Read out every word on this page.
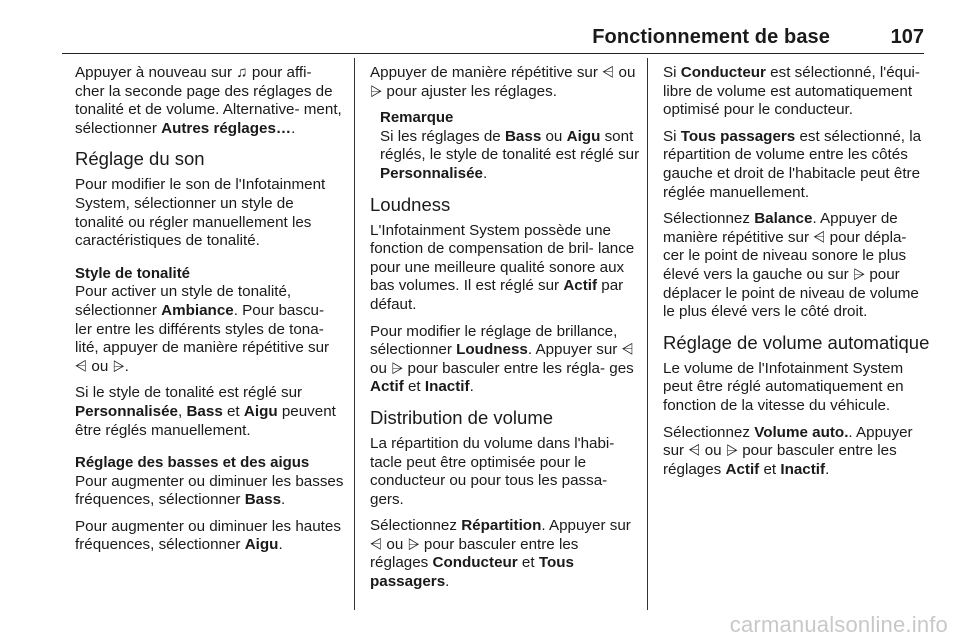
Fonctionnement de base	107

Appuyer à nouveau sur ♫ pour affi‐ cher la seconde page des réglages de tonalité et de volume. Alternative‐ ment, sélectionner Autres réglages….

Réglage du son

Pour modifier le son de l'Infotainment System, sélectionner un style de tonalité ou régler manuellement les caractéristiques de tonalité.

Style de tonalité

Pour activer un style de tonalité, sélectionner Ambiance. Pour bascu‐ ler entre les différents styles de tona‐ lité, appuyer de manière répétitive sur ⩤ ou ⩥.

Si le style de tonalité est réglé sur Personnalisée, Bass et Aigu peuvent être réglés manuellement.

Réglage des basses et des aigus

Pour augmenter ou diminuer les basses fréquences, sélectionner Bass.

Pour augmenter ou diminuer les hautes fréquences, sélectionner Aigu.

Appuyer de manière répétitive sur ⩤ ou ⩥ pour ajuster les réglages.

Remarque

Si les réglages de Bass ou Aigu sont réglés, le style de tonalité est réglé sur Personnalisée.

Loudness

L'Infotainment System possède une fonction de compensation de bril‐ lance pour une meilleure qualité sonore aux bas volumes. Il est réglé sur Actif par défaut.

Pour modifier le réglage de brillance, sélectionner Loudness. Appuyer sur ⩤ ou ⩥ pour basculer entre les régla‐ ges Actif et Inactif.

Distribution de volume

La répartition du volume dans l'habi‐ tacle peut être optimisée pour le conducteur ou pour tous les passa‐ gers.

Sélectionnez Répartition. Appuyer sur ⩤ ou ⩥ pour basculer entre les réglages Conducteur et Tous passagers.

Si Conducteur est sélectionné, l'équi‐ libre de volume est automatiquement optimisé pour le conducteur.

Si Tous passagers est sélectionné, la répartition de volume entre les côtés gauche et droit de l'habitacle peut être réglée manuellement.

Sélectionnez Balance. Appuyer de manière répétitive sur ⩤ pour dépla‐ cer le point de niveau sonore le plus élevé vers la gauche ou sur ⩥ pour déplacer le point de niveau de volume le plus élevé vers le côté droit.

Réglage de volume automatique

Le volume de l'Infotainment System peut être réglé automatiquement en fonction de la vitesse du véhicule.

Sélectionnez Volume auto.. Appuyer sur ⩤ ou ⩥ pour basculer entre les réglages Actif et Inactif.

carmanualsonline.info
